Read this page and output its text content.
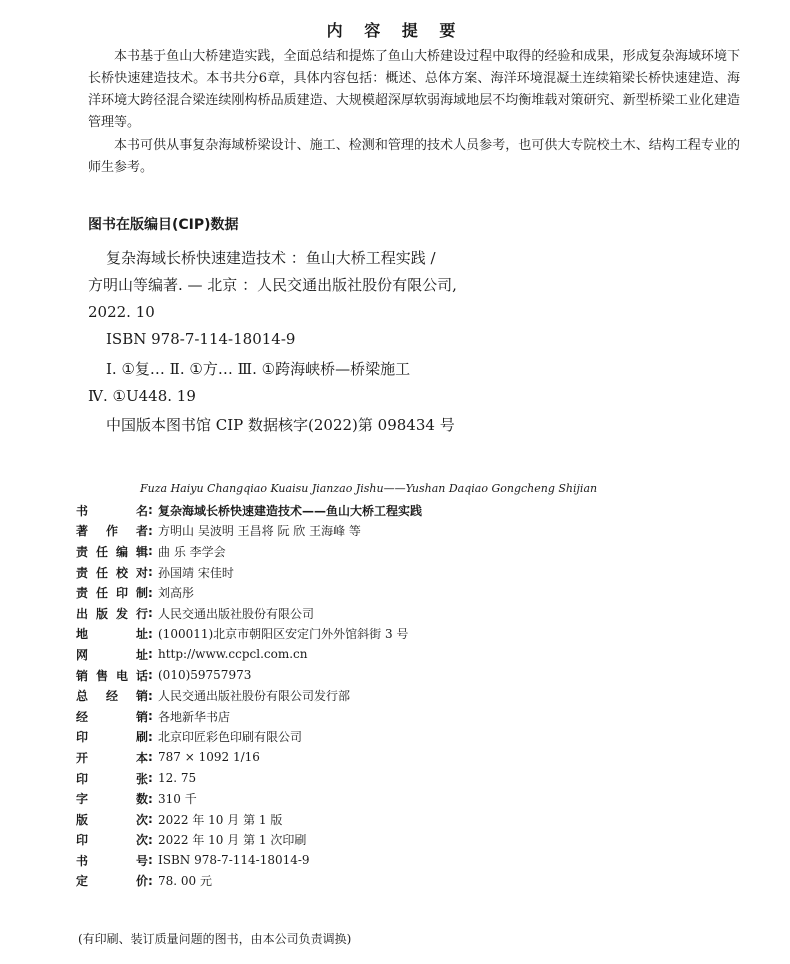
内 容 提 要

本书基于鱼山大桥建造实践，全面总结和提炼了鱼山大桥建设过程中取得的经验和成果，形成复杂海域环境下长桥快速建造技术。本书共分6章，具体内容包括：概述、总体方案、海洋环境混凝土连续箱梁长桥快速建造、海洋环境大跨径混合梁连续刚构桥品质建造、大规模超深厚软弱海域地层不均衡堆载对策研究、新型桥梁工业化建造管理等。

本书可供从事复杂海域桥梁设计、施工、检测和管理的技术人员参考，也可供大专院校土木、结构工程专业的师生参考。

图书在版编目(CIP)数据
复杂海域长桥快速建造技术 ：鱼山大桥工程实践 /
方明山等编著. — 北京 ：人民交通出版社股份有限公司,
2022. 10
ISBN 978-7-114-18014-9
Ⅰ. ①复… Ⅱ. ①方… Ⅲ. ①跨海峡桥—桥梁施工
Ⅳ. ①U448. 19
中国版本图书馆 CIP 数据核字(2022)第 098434 号
Fuza Haiyu Changqiao Kuaisu Jianzao Jishu——Yushan Daqiao Gongcheng Shijian
书名 : 复杂海域长桥快速建造技术——鱼山大桥工程实践
著作者 : 方明山 吴波明 王昌将 阮 欣 王海峰 等
责任编辑 : 曲 乐 李学会
责任校对 : 孙国靖 宋佳时
责任印制 : 刘高彤
出版发行 : 人民交通出版社股份有限公司
地址 : (100011)北京市朝阳区安定门外外馆斜街 3 号
网址 : http://www.ccpcl.com.cn
销售电话 : (010)59757973
总经销 : 人民交通出版社股份有限公司发行部
经销 : 各地新华书店
印刷 : 北京印匠彩色印刷有限公司
开本 : 787 × 1092 1/16
印张 : 12. 75
字数 : 310 千
版次 : 2022 年 10 月 第 1 版
印次 : 2022 年 10 月 第 1 次印刷
书号 : ISBN 978-7-114-18014-9
定价 : 78. 00 元
(有印刷、装订质量问题的图书，由本公司负责调换)
